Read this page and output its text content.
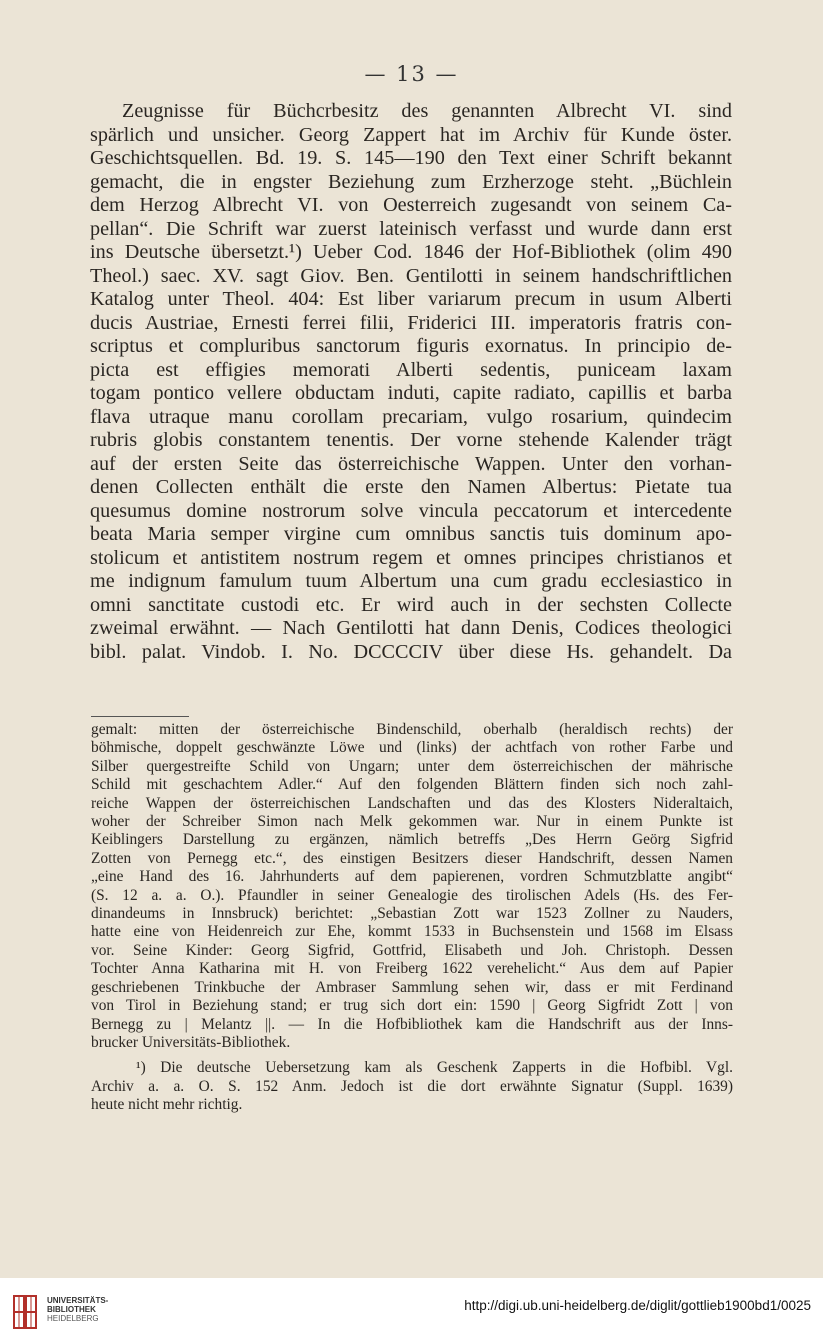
— 13 —
Zeugnisse für Büchcrbesitz des genannten Albrecht VI. sind
spärlich und unsicher. Georg Zappert hat im Archiv für Kunde öster.
Geschichtsquellen. Bd. 19. S. 145—190 den Text einer Schrift bekannt
gemacht, die in engster Beziehung zum Erzherzoge steht. „Büchlein
dem Herzog Albrecht VI. von Oesterreich zugesandt von seinem Ca-
pellan“. Die Schrift war zuerst lateinisch verfasst und wurde dann erst
ins Deutsche übersetzt.¹) Ueber Cod. 1846 der Hof-Bibliothek (olim 490
Theol.) saec. XV. sagt Giov. Ben. Gentilotti in seinem handschriftlichen
Katalog unter Theol. 404: Est liber variarum precum in usum Alberti
ducis Austriae, Ernesti ferrei filii, Friderici III. imperatoris fratris con-
scriptus et compluribus sanctorum figuris exornatus. In principio de-
picta est effigies memorati Alberti sedentis, puniceam laxam
togam pontico vellere obductam induti, capite radiato, capillis et barba
flava utraque manu corollam precariam, vulgo rosarium, quindecim
rubris globis constantem tenentis. Der vorne stehende Kalender trägt
auf der ersten Seite das österreichische Wappen. Unter den vorhan-
denen Collecten enthält die erste den Namen Albertus: Pietate tua
quesumus domine nostrorum solve vincula peccatorum et intercedente
beata Maria semper virgine cum omnibus sanctis tuis dominum apo-
stolicum et antistitem nostrum regem et omnes principes christianos et
me indignum famulum tuum Albertum una cum gradu ecclesiastico in
omni sanctitate custodi etc. Er wird auch in der sechsten Collecte
zweimal erwähnt. — Nach Gentilotti hat dann Denis, Codices theologici
bibl. palat. Vindob. I. No. DCCCCIV über diese Hs. gehandelt. Da
gemalt: mitten der österreichische Bindenschild, oberhalb (heraldisch rechts) der
böhmische, doppelt geschwänzte Löwe und (links) der achtfach von rother Farbe und
Silber quergestreifte Schild von Ungarn; unter dem österreichischen der mährische
Schild mit geschachtem Adler.“ Auf den folgenden Blättern finden sich noch zahl-
reiche Wappen der österreichischen Landschaften und das des Klosters Nideraltaich,
woher der Schreiber Simon nach Melk gekommen war. Nur in einem Punkte ist
Keiblingers Darstellung zu ergänzen, nämlich betreffs „Des Herrn Geörg Sigfrid
Zotten von Pernegg etc.“, des einstigen Besitzers dieser Handschrift, dessen Namen
„eine Hand des 16. Jahrhunderts auf dem papierenen, vordren Schmutzblatte angibt“
(S. 12 a. a. O.). Pfaundler in seiner Genealogie des tirolischen Adels (Hs. des Fer-
dinandeums in Innsbruck) berichtet: „Sebastian Zott war 1523 Zollner zu Nauders,
hatte eine von Heidenreich zur Ehe, kommt 1533 in Buchsenstein und 1568 im Elsass
vor. Seine Kinder: Georg Sigfrid, Gottfrid, Elisabeth und Joh. Christoph. Dessen
Tochter Anna Katharina mit H. von Freiberg 1622 verehelicht.“ Aus dem auf Papier
geschriebenen Trinkbuche der Ambraser Sammlung sehen wir, dass er mit Ferdinand
von Tirol in Beziehung stand; er trug sich dort ein: 1590 | Georg Sigfridt Zott | von
Bernegg zu | Melantz ||. — In die Hofbibliothek kam die Handschrift aus der Inns-
brucker Universitäts-Bibliothek.
¹) Die deutsche Uebersetzung kam als Geschenk Zapperts in die Hofbibl. Vgl.
Archiv a. a. O. S. 152 Anm. Jedoch ist die dort erwähnte Signatur (Suppl. 1639)
heute nicht mehr richtig.
UNIVERSITÄTS-
BIBLIOTHEK
HEIDELBERG
http://digi.ub.uni-heidelberg.de/diglit/gottlieb1900bd1/0025
